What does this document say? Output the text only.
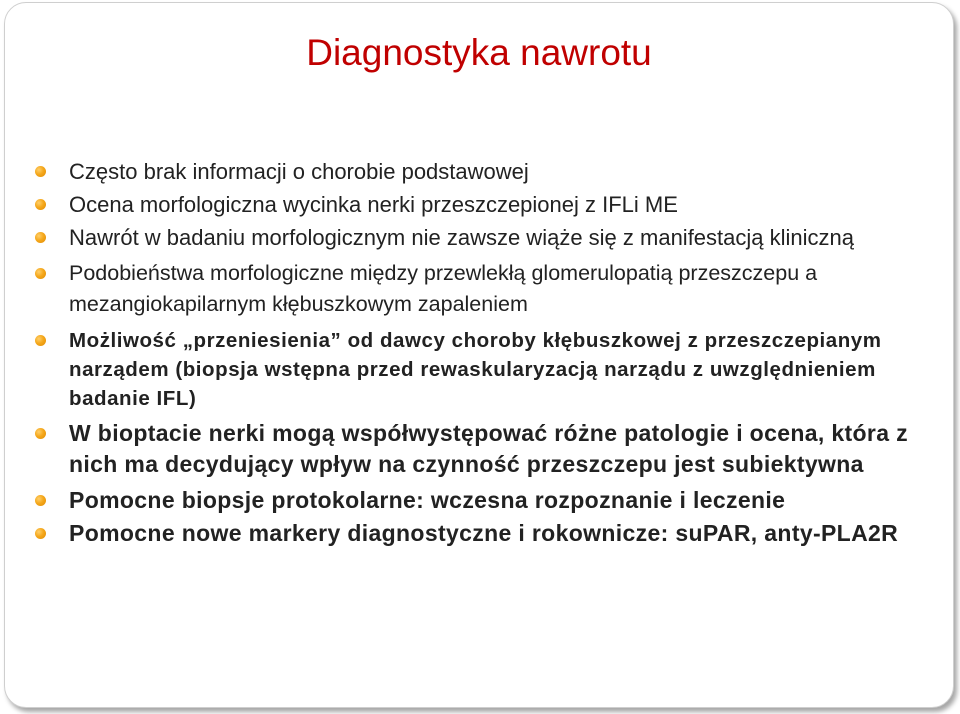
Diagnostyka nawrotu
Często brak informacji o chorobie podstawowej
Ocena morfologiczna wycinka nerki przeszczepionej z IFLi ME
Nawrót w badaniu morfologicznym nie zawsze wiąże się z manifestacją kliniczną
Podobieństwa morfologiczne między przewlekłą glomerulopatią przeszczepu a mezangiokapilarnym kłębuszkowym zapaleniem
Możliwość „przeniesienia” od dawcy choroby kłębuszkowej z przeszczepianym narządem (biopsja wstępna przed rewaskularyzacją narządu z uwzględnieniem badanie IFL)
W bioptacie nerki mogą współwystępować różne patologie i ocena, która z nich ma decydujący wpływ na czynność przeszczepu jest subiektywna
Pomocne biopsje protokolarne: wczesna rozpoznanie i leczenie
Pomocne nowe markery diagnostyczne i rokownicze: suPAR, anty-PLA2R
